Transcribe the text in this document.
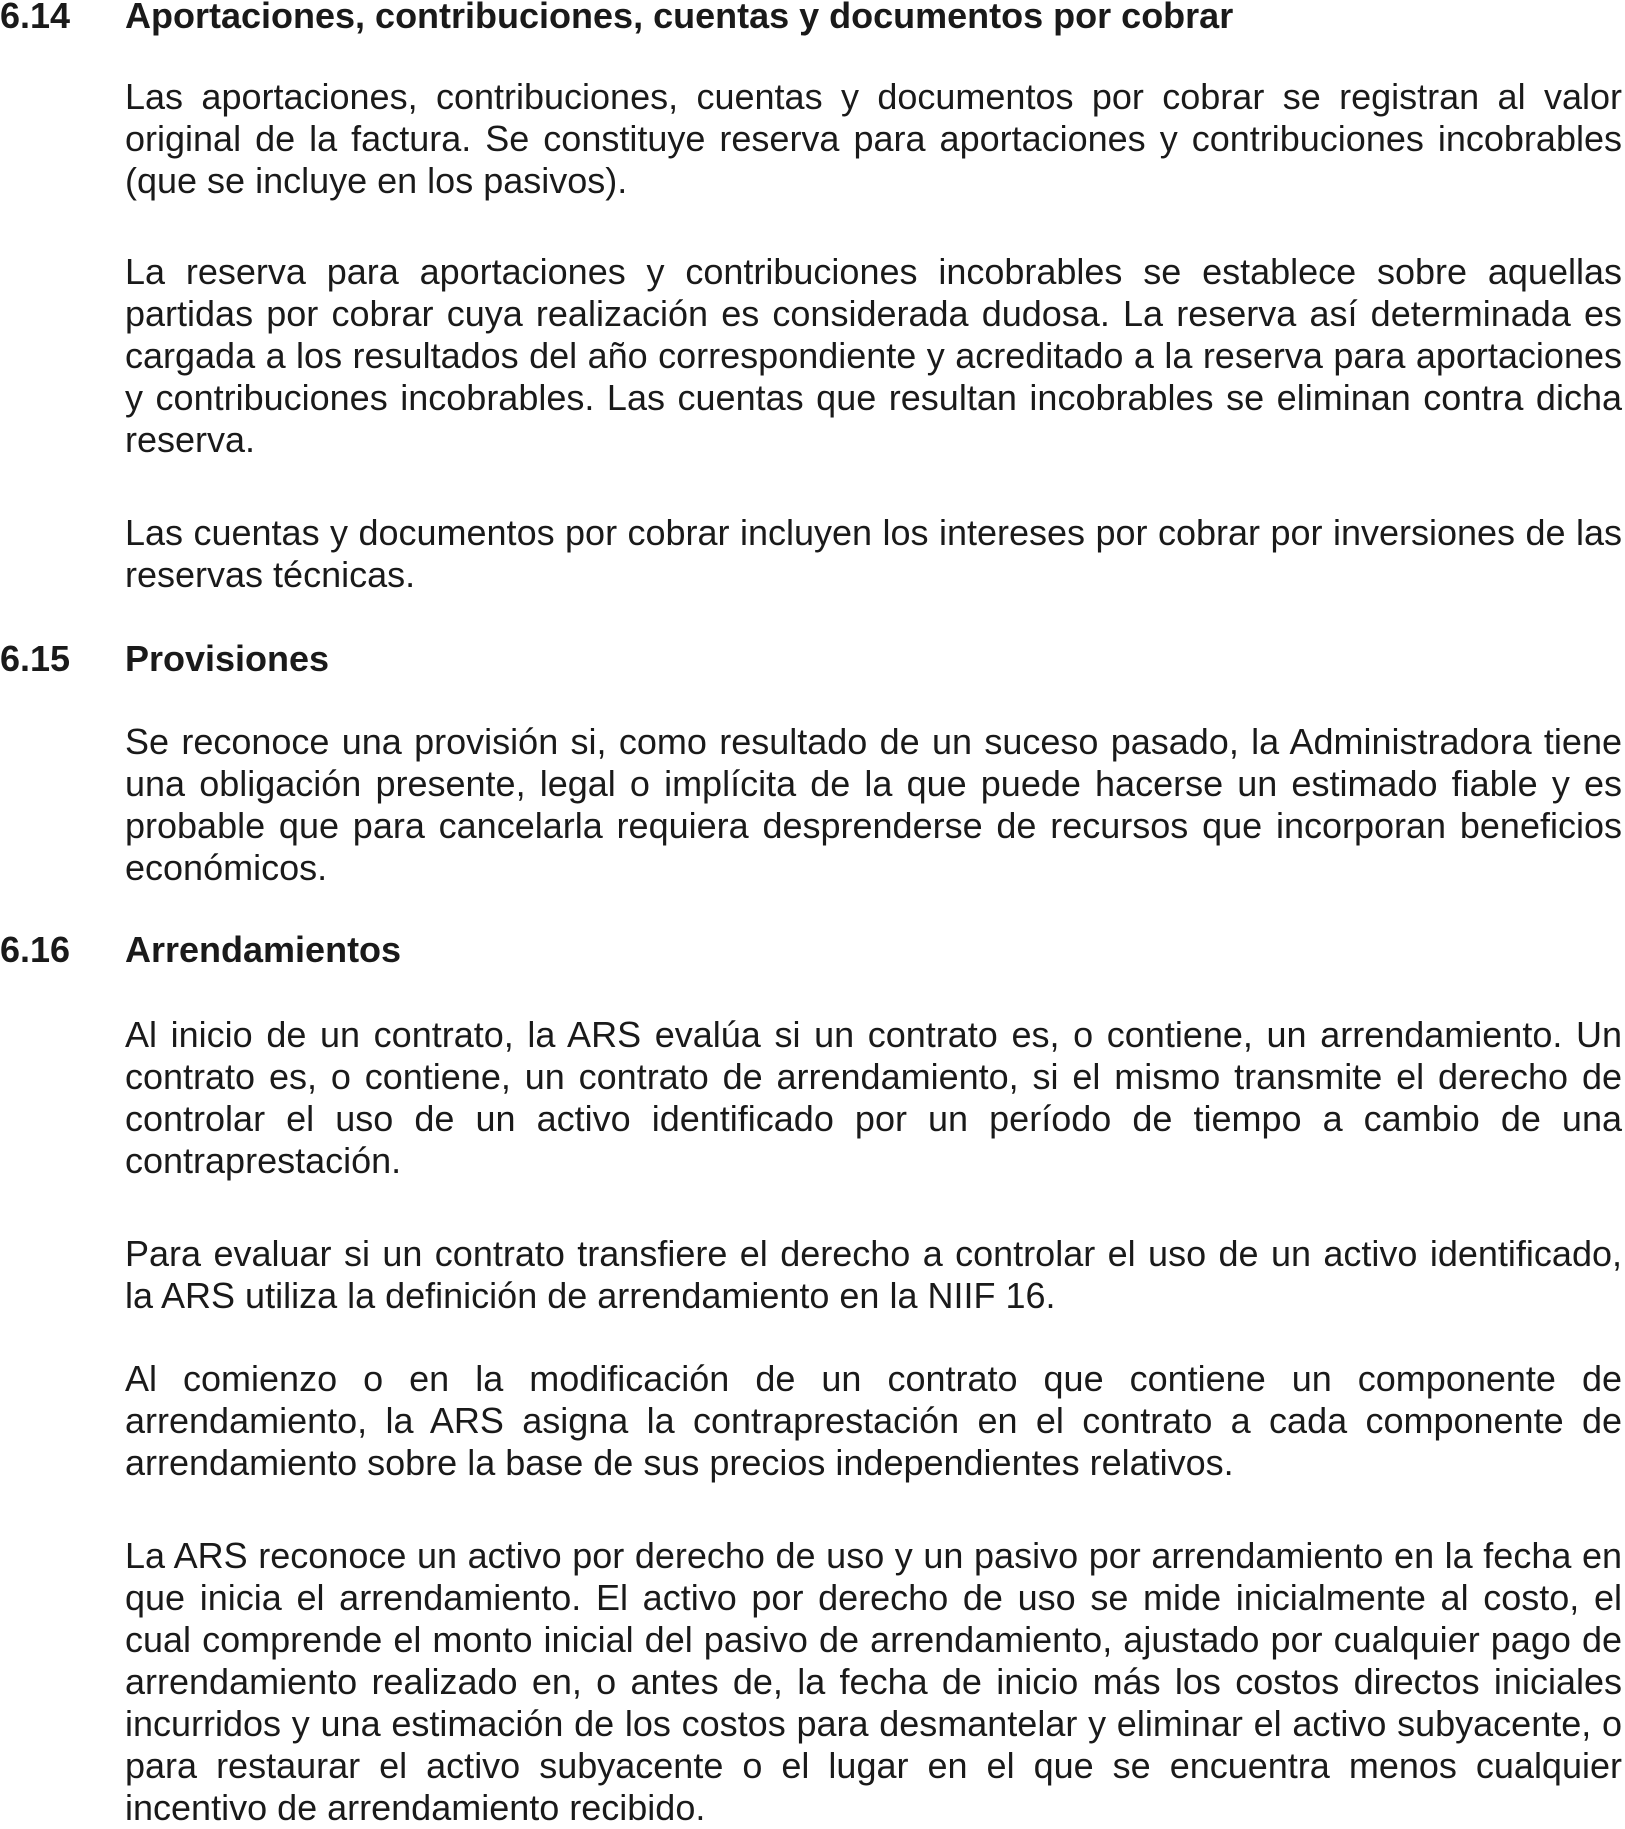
6.14 Aportaciones, contribuciones, cuentas y documentos por cobrar

Las aportaciones, contribuciones, cuentas y documentos por cobrar se registran al valor original de la factura. Se constituye reserva para aportaciones y contribuciones incobrables (que se incluye en los pasivos).

La reserva para aportaciones y contribuciones incobrables se establece sobre aquellas partidas por cobrar cuya realización es considerada dudosa. La reserva así determinada es cargada a los resultados del año correspondiente y acreditado a la reserva para aportaciones y contribuciones incobrables. Las cuentas que resultan incobrables se eliminan contra dicha reserva.

Las cuentas y documentos por cobrar incluyen los intereses por cobrar por inversiones de las reservas técnicas.

6.15 Provisiones

Se reconoce una provisión si, como resultado de un suceso pasado, la Administradora tiene una obligación presente, legal o implícita de la que puede hacerse un estimado fiable y es probable que para cancelarla requiera desprenderse de recursos que incorporan beneficios económicos.

6.16 Arrendamientos

Al inicio de un contrato, la ARS evalúa si un contrato es, o contiene, un arrendamiento. Un contrato es, o contiene, un contrato de arrendamiento, si el mismo transmite el derecho de controlar el uso de un activo identificado por un período de tiempo a cambio de una contraprestación.

Para evaluar si un contrato transfiere el derecho a controlar el uso de un activo identificado, la ARS utiliza la definición de arrendamiento en la NIIF 16.

Al comienzo o en la modificación de un contrato que contiene un componente de arrendamiento, la ARS asigna la contraprestación en el contrato a cada componente de arrendamiento sobre la base de sus precios independientes relativos.

La ARS reconoce un activo por derecho de uso y un pasivo por arrendamiento en la fecha en que inicia el arrendamiento. El activo por derecho de uso se mide inicialmente al costo, el cual comprende el monto inicial del pasivo de arrendamiento, ajustado por cualquier pago de arrendamiento realizado en, o antes de, la fecha de inicio más los costos directos iniciales incurridos y una estimación de los costos para desmantelar y eliminar el activo subyacente, o para restaurar el activo subyacente o el lugar en el que se encuentra menos cualquier incentivo de arrendamiento recibido.
